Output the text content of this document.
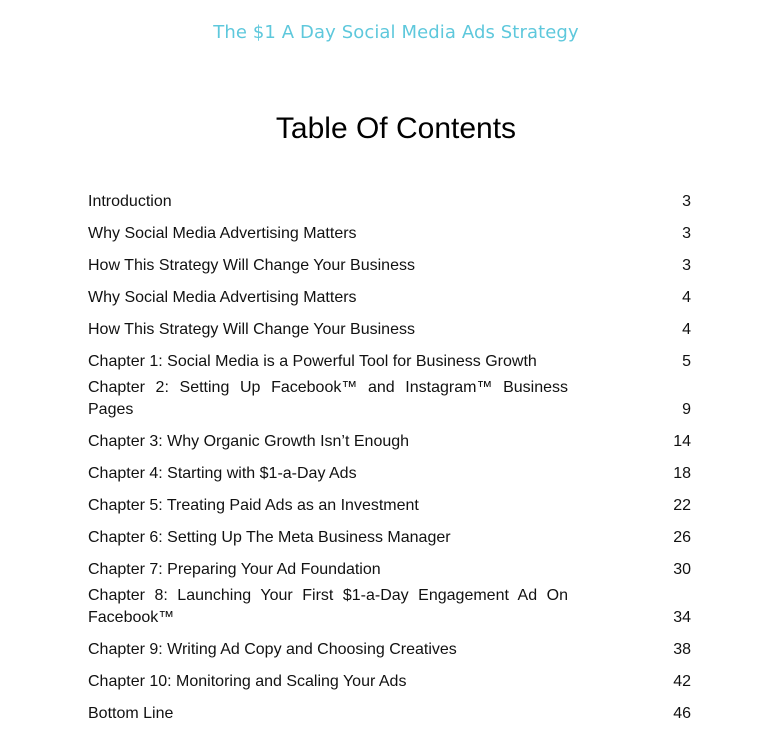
The $1 A Day Social Media Ads Strategy
Table Of Contents
Introduction	3
Why Social Media Advertising Matters	3
How This Strategy Will Change Your Business	3
Why Social Media Advertising Matters	4
How This Strategy Will Change Your Business	4
Chapter 1: Social Media is a Powerful Tool for Business Growth	5
Chapter 2: Setting Up Facebook™ and Instagram™ Business Pages	9
Chapter 3: Why Organic Growth Isn’t Enough	14
Chapter 4: Starting with $1-a-Day Ads	18
Chapter 5: Treating Paid Ads as an Investment	22
Chapter 6: Setting Up The Meta Business Manager	26
Chapter 7: Preparing Your Ad Foundation	30
Chapter 8: Launching Your First $1-a-Day Engagement Ad On Facebook™	34
Chapter 9: Writing Ad Copy and Choosing Creatives	38
Chapter 10: Monitoring and Scaling Your Ads	42
Bottom Line	46
